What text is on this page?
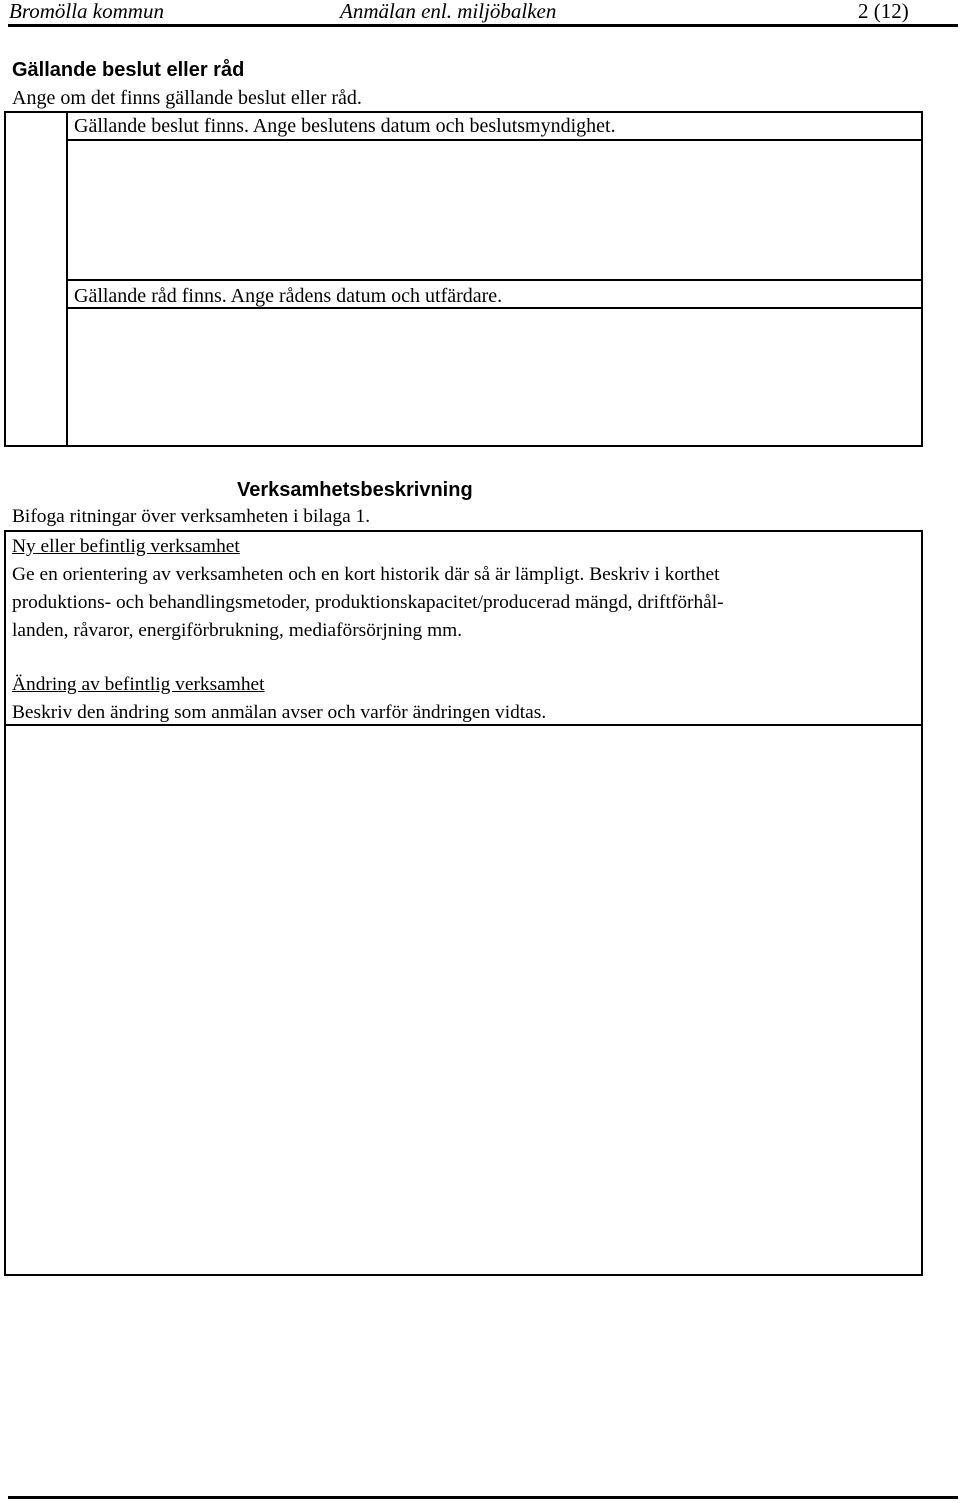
Bromölla kommun	Anmälan enl. miljöbalken	2 (12)
Gällande beslut eller råd
Ange om det finns gällande beslut eller råd.
Gällande beslut finns. Ange beslutens datum och beslutsmyndighet.
Gällande råd finns. Ange rådens datum och utfärdare.
Verksamhetsbeskrivning
Bifoga ritningar över verksamheten i bilaga 1.
Ny eller befintlig verksamhet
Ge en orientering av verksamheten och en kort historik där så är lämpligt. Beskriv i korthet
produktions- och behandlingsmetoder, produktionskapacitet/producerad mängd, driftförhål-
landen, råvaror, energiförbrukning, mediaförsörjning mm.
Ändring av befintlig verksamhet
Beskriv den ändring som anmälan avser och varför ändringen vidtas.
